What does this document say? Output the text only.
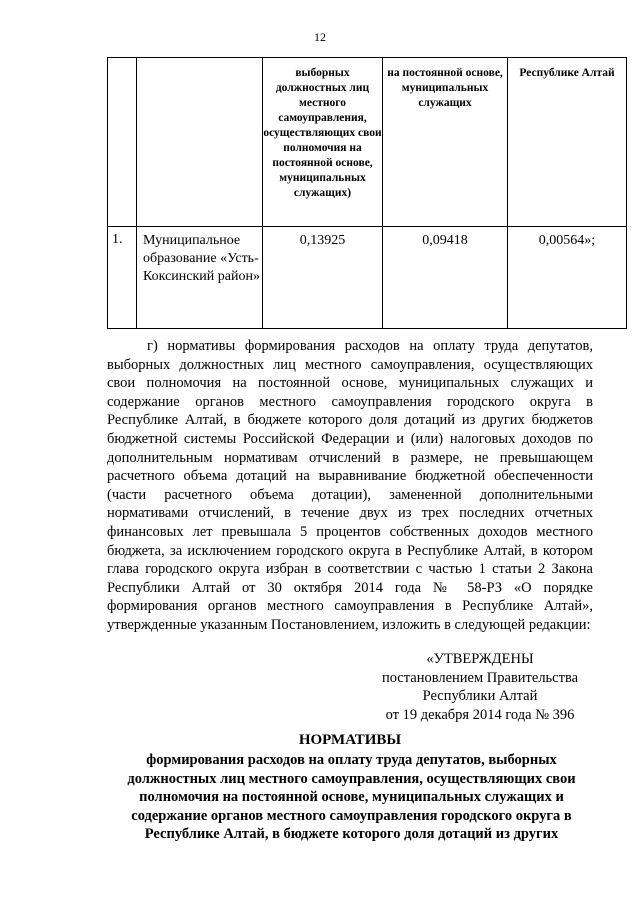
12
		выборных должностных лиц местного самоуправления, осуществляющих свои полномочия на постоянной основе, муниципальных служащих)	на постоянной основе, муниципальных служащих	Республике Алтай
1.	Муниципальное образование «Усть-Коксинский район»	0,13925	0,09418	0,00564»;

г) нормативы формирования расходов на оплату труда депутатов, выборных должностных лиц местного самоуправления, осуществляющих свои полномочия на постоянной основе, муниципальных служащих и содержание органов местного самоуправления городского округа в Республике Алтай, в бюджете которого доля дотаций из других бюджетов бюджетной системы Российской Федерации и (или) налоговых доходов по дополнительным нормативам отчислений в размере, не превышающем расчетного объема дотаций на выравнивание бюджетной обеспеченности (части расчетного объема дотации), замененной дополнительными нормативами отчислений, в течение двух из трех последних отчетных финансовых лет превышала 5 процентов собственных доходов местного бюджета, за исключением городского округа в Республике Алтай, в котором глава городского округа избран в соответствии с частью 1 статьи 2 Закона Республики Алтай от 30 октября 2014 года № 58-РЗ «О порядке формирования органов местного самоуправления в Республике Алтай», утвержденные указанным Постановлением, изложить в следующей редакции:

«УТВЕРЖДЕНЫ
постановлением Правительства
Республики Алтай
от 19 декабря 2014 года № 396
НОРМАТИВЫ
формирования расходов на оплату труда депутатов, выборных должностных лиц местного самоуправления, осуществляющих свои полномочия на постоянной основе, муниципальных служащих и содержание органов местного самоуправления городского округа в Республике Алтай, в бюджете которого доля дотаций из других
